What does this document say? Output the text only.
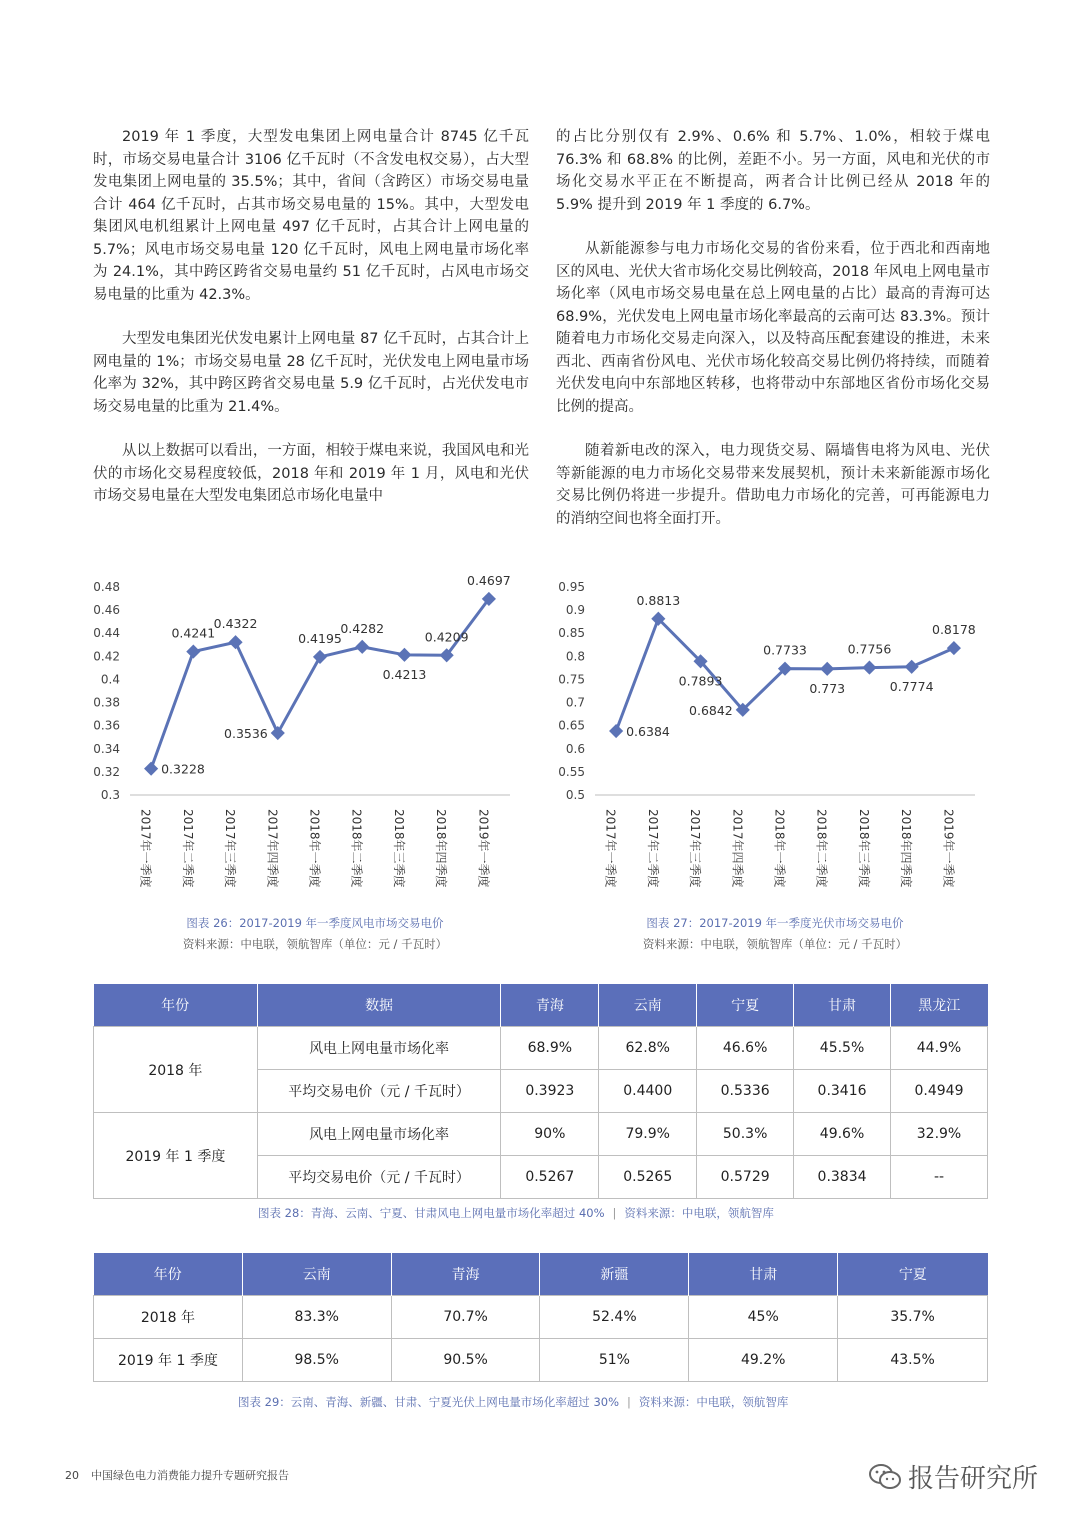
2019 年 1 季度，大型发电集团上网电量合计 8745 亿千瓦时，市场交易电量合计 3106 亿千瓦时（不含发电权交易），占大型发电集团上网电量的 35.5%；其中，省间（含跨区）市场交易电量合计 464 亿千瓦时，占其市场交易电量的 15%。其中，大型发电集团风电机组累计上网电量 497 亿千瓦时，占其合计上网电量的 5.7%；风电市场交易电量 120 亿千瓦时，风电上网电量市场化率为 24.1%，其中跨区跨省交易电量约 51 亿千瓦时，占风电市场交易电量的比重为 42.3%。

大型发电集团光伏发电累计上网电量 87 亿千瓦时，占其合计上网电量的 1%；市场交易电量 28 亿千瓦时，光伏发电上网电量市场化率为 32%，其中跨区跨省交易电量 5.9 亿千瓦时，占光伏发电市场交易电量的比重为 21.4%。

从以上数据可以看出，一方面，相较于煤电来说，我国风电和光伏的市场化交易程度较低，2018 年和 2019 年 1 月，风电和光伏市场交易电量在大型发电集团总市场化电量中

的占比分别仅有 2.9%、0.6% 和 5.7%、1.0%，相较于煤电 76.3% 和 68.8% 的比例，差距不小。另一方面，风电和光伏的市场化交易水平正在不断提高，两者合计比例已经从 2018 年的 5.9% 提升到 2019 年 1 季度的 6.7%。

从新能源参与电力市场化交易的省份来看，位于西北和西南地区的风电、光伏大省市场化交易比例较高，2018 年风电上网电量市场化率（风电市场交易电量在总上网电量的占比）最高的青海可达 68.9%，光伏发电上网电量市场化率最高的云南可达 83.3%。预计随着电力市场化交易走向深入，以及特高压配套建设的推进，未来西北、西南省份风电、光伏市场化较高交易比例仍将持续，而随着光伏发电向中东部地区转移，也将带动中东部地区省份市场化交易比例的提高。

随着新电改的深入，电力现货交易、隔墙售电将为风电、光伏等新能源的电力市场化交易带来发展契机，预计未来新能源市场化交易比例仍将进一步提升。借助电力市场化的完善，可再能源电力的消纳空间也将全面打开。

0.3
0.32
0.34
0.36
0.38
0.4
0.42
0.44
0.46
0.48
2017年一季度 2017年二季度 2017年三季度 2017年四季度 2018年一季度 2018年二季度 2018年三季度 2018年四季度 2019年一季度
0.3228
0.4241
0.4322
0.3536
0.4195
0.4282
0.4213
0.4209
0.4697
0.5
0.55
0.6
0.65
0.7
0.75
0.8
0.85
0.9
0.95
2017年一季度 2017年二季度 2017年三季度 2017年四季度 2018年一季度 2018年二季度 2018年三季度 2018年四季度 2019年一季度
0.6384
0.8813
0.7893
0.6842
0.7733
0.773
0.7756
0.7774
0.8178
图表 26：2017-2019 年一季度风电市场交易电价
资料来源：中电联，领航智库（单位：元 / 千瓦时）
图表 27：2017-2019 年一季度光伏市场交易电价
资料来源：中电联，领航智库（单位：元 / 千瓦时）
年份	数据	青海	云南	宁夏	甘肃	黑龙江
2018 年	风电上网电量市场化率	68.9%	62.8%	46.6%	45.5%	44.9%
	平均交易电价（元 / 千瓦时）	0.3923	0.4400	0.5336	0.3416	0.4949
2019 年 1 季度	风电上网电量市场化率	90%	79.9%	50.3%	49.6%	32.9%
	平均交易电价（元 / 千瓦时）	0.5267	0.5265	0.5729	0.3834	--
图表 28：青海、云南、宁夏、甘肃风电上网电量市场化率超过 40% | 资料来源：中电联，领航智库
年份	云南	青海	新疆	甘肃	宁夏
2018 年	83.3%	70.7%	52.4%	45%	35.7%
2019 年 1 季度	98.5%	90.5%	51%	49.2%	43.5%
图表 29：云南、青海、新疆、甘肃、宁夏光伏上网电量市场化率超过 30% | 资料来源：中电联，领航智库
20 中国绿色电力消费能力提升专题研究报告	报告研究所
